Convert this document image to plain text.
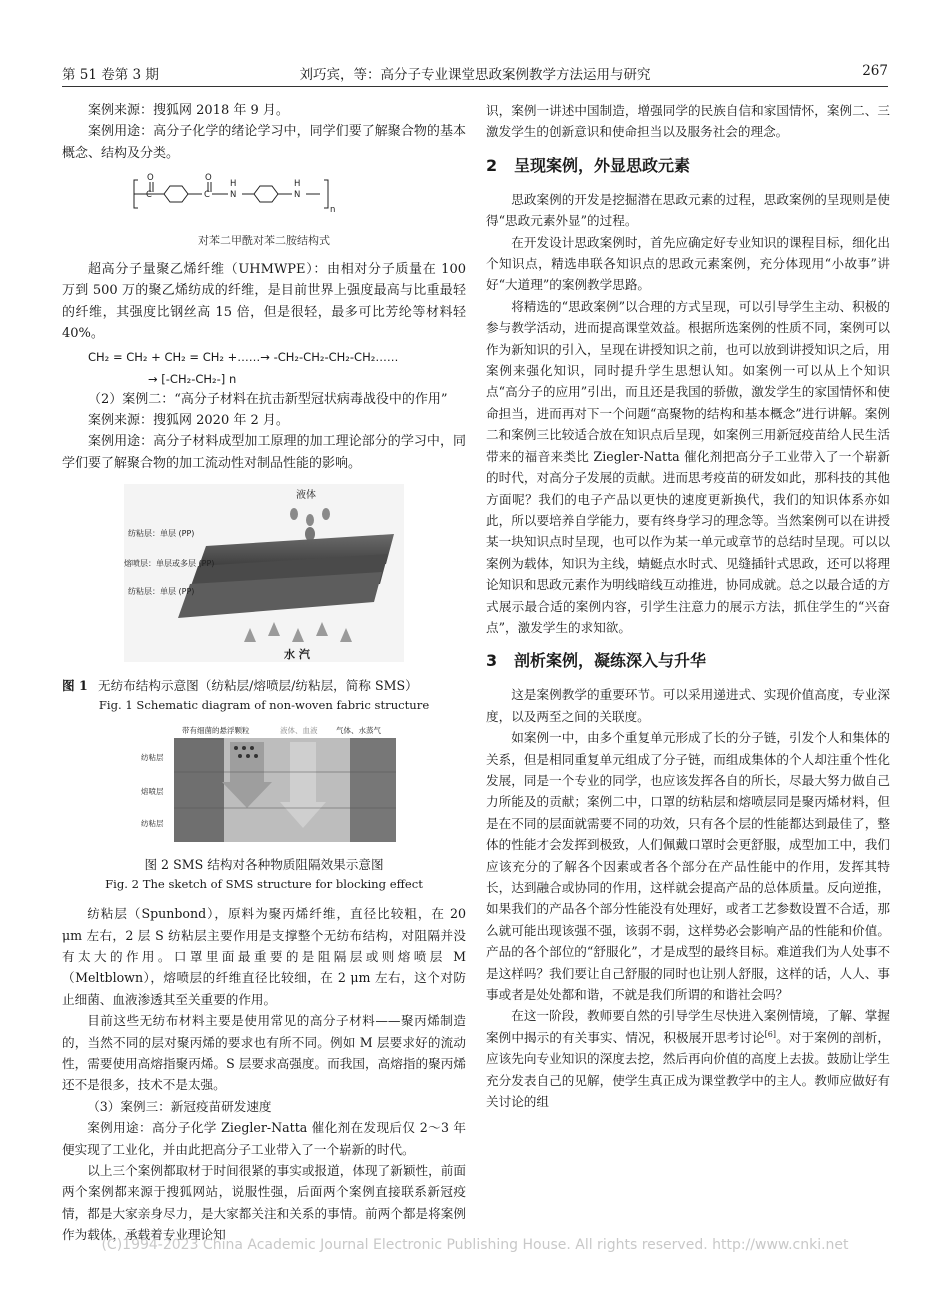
第 51 卷第 3 期	刘巧宾，等：高分子专业课堂思政案例教学方法运用与研究	267

案例来源：搜狐网 2018 年 9 月。

案例用途：高分子化学的绪论学习中，同学们要了解聚合物的基本概念、结构及分类。

O
C
O
C N
H
N
H
n
对苯二甲酰对苯二胺结构式

超高分子量聚乙烯纤维（UHMWPE）：由相对分子质量在 100 万到 500 万的聚乙烯纺成的纤维，是目前世界上强度最高与比重最轻的纤维，其强度比钢丝高 15 倍，但是很轻，最多可比芳纶等材料轻 40%。

CH₂ = CH₂ + CH₂ = CH₂ +……→ -CH₂-CH₂-CH₂-CH₂……
→ [-CH₂-CH₂-] n

（2）案例二：“高分子材料在抗击新型冠状病毒战役中的作用”

案例来源：搜狐网 2020 年 2 月。

案例用途：高分子材料成型加工原理的加工理论部分的学习中，同学们要了解聚合物的加工流动性对制品性能的影响。

液体
纺粘层：单层 (PP)
熔喷层：单层或多层 (PP)
纺粘层：单层 (PP)
水 汽
图 1 无纺布结构示意图（纺粘层/熔喷层/纺粘层，简称 SMS）
Fig. 1 Schematic diagram of non-woven fabric structure
带有细菌的悬浮颗粒	液体、血液 气体、水蒸气
纺粘层
熔喷层
纺粘层
图 2 SMS 结构对各种物质阻隔效果示意图
Fig. 2 The sketch of SMS structure for blocking effect

纺粘层（Spunbond），原料为聚丙烯纤维，直径比较粗，在 20 μm 左右，2 层 S 纺粘层主要作用是支撑整个无纺布结构，对阻隔并没有太大的作用。口罩里面最重要的是阻隔层或则熔喷层 M（Meltblown），熔喷层的纤维直径比较细，在 2 μm 左右，这个对防止细菌、血液渗透其至关重要的作用。

目前这些无纺布材料主要是使用常见的高分子材料——聚丙烯制造的，当然不同的层对聚丙烯的要求也有所不同。例如 M 层要求好的流动性，需要使用高熔指聚丙烯。S 层要求高强度。而我国，高熔指的聚丙烯还不是很多，技术不是太强。

（3）案例三：新冠疫苗研发速度

案例用途：高分子化学 Ziegler-Natta 催化剂在发现后仅 2～3 年便实现了工业化，并由此把高分子工业带入了一个崭新的时代。

以上三个案例都取材于时间很紧的事实或报道，体现了新颖性，前面两个案例都来源于搜狐网站，说服性强，后面两个案例直接联系新冠疫情，都是大家亲身尽力，是大家都关注和关系的事情。前两个都是将案例作为载体，承载着专业理论知

识，案例一讲述中国制造，增强同学的民族自信和家国情怀，案例二、三激发学生的创新意识和使命担当以及服务社会的理念。

2 呈现案例，外显思政元素

思政案例的开发是挖掘潜在思政元素的过程，思政案例的呈现则是使得“思政元素外显”的过程。

在开发设计思政案例时，首先应确定好专业知识的课程目标，细化出个知识点，精选串联各知识点的思政元素案例，充分体现用“小故事”讲好“大道理”的案例教学思路。

将精选的“思政案例”以合理的方式呈现，可以引导学生主动、积极的参与教学活动，进而提高课堂效益。根据所选案例的性质不同，案例可以作为新知识的引入，呈现在讲授知识之前，也可以放到讲授知识之后，用案例来强化知识，同时提升学生思想认知。如案例一可以从上个知识点“高分子的应用”引出，而且还是我国的骄傲，激发学生的家国情怀和使命担当，进而再对下一个问题“高聚物的结构和基本概念”进行讲解。案例二和案例三比较适合放在知识点后呈现，如案例三用新冠疫苗给人民生活带来的福音来类比 Ziegler-Natta 催化剂把高分子工业带入了一个崭新的时代，对高分子发展的贡献。进而思考疫苗的研发如此，那科技的其他方面呢？我们的电子产品以更快的速度更新换代，我们的知识体系亦如此，所以要培养自学能力，要有终身学习的理念等。当然案例可以在讲授某一块知识点时呈现，也可以作为某一单元或章节的总结时呈现。可以以案例为载体，知识为主线，蜻蜓点水时式、见缝插针式思政，还可以将理论知识和思政元素作为明线暗线互动推进，协同成就。总之以最合适的方式展示最合适的案例内容，引学生注意力的展示方法，抓住学生的“兴奋点”，激发学生的求知欲。

3 剖析案例，凝练深入与升华

这是案例教学的重要环节。可以采用递进式、实现价值高度，专业深度，以及两至之间的关联度。

如案例一中，由多个重复单元形成了长的分子链，引发个人和集体的关系，但是相同重复单元组成了分子链，而组成集体的个人却注重个性化发展，同是一个专业的同学，也应该发挥各自的所长，尽最大努力做自己力所能及的贡献；案例二中，口罩的纺粘层和熔喷层同是聚丙烯材料，但是在不同的层面就需要不同的功效，只有各个层的性能都达到最佳了，整体的性能才会发挥到极致，人们佩戴口罩时会更舒服，成型加工中，我们应该充分的了解各个因素或者各个部分在产品性能中的作用，发挥其特长，达到融合或协同的作用，这样就会提高产品的总体质量。反向逆推，如果我们的产品各个部分性能没有处理好，或者工艺参数设置不合适，那么就可能出现该强不强，该弱不弱，这样势必会影响产品的性能和价值。产品的各个部位的“舒服化”，才是成型的最终目标。难道我们为人处事不是这样吗？我们要让自己舒服的同时也让别人舒服，这样的话，人人、事事或者是处处都和谐，不就是我们所谓的和谐社会吗？

在这一阶段，教师要自然的引导学生尽快进入案例情境，了解、掌握案例中揭示的有关事实、情况，积极展开思考讨论[6]。对于案例的剖析，应该先向专业知识的深度去挖，然后再向价值的高度上去拔。鼓励让学生充分发表自己的见解，使学生真正成为课堂教学中的主人。教师应做好有关讨论的组

(C)1994-2023 China Academic Journal Electronic Publishing House. All rights reserved. http://www.cnki.net
